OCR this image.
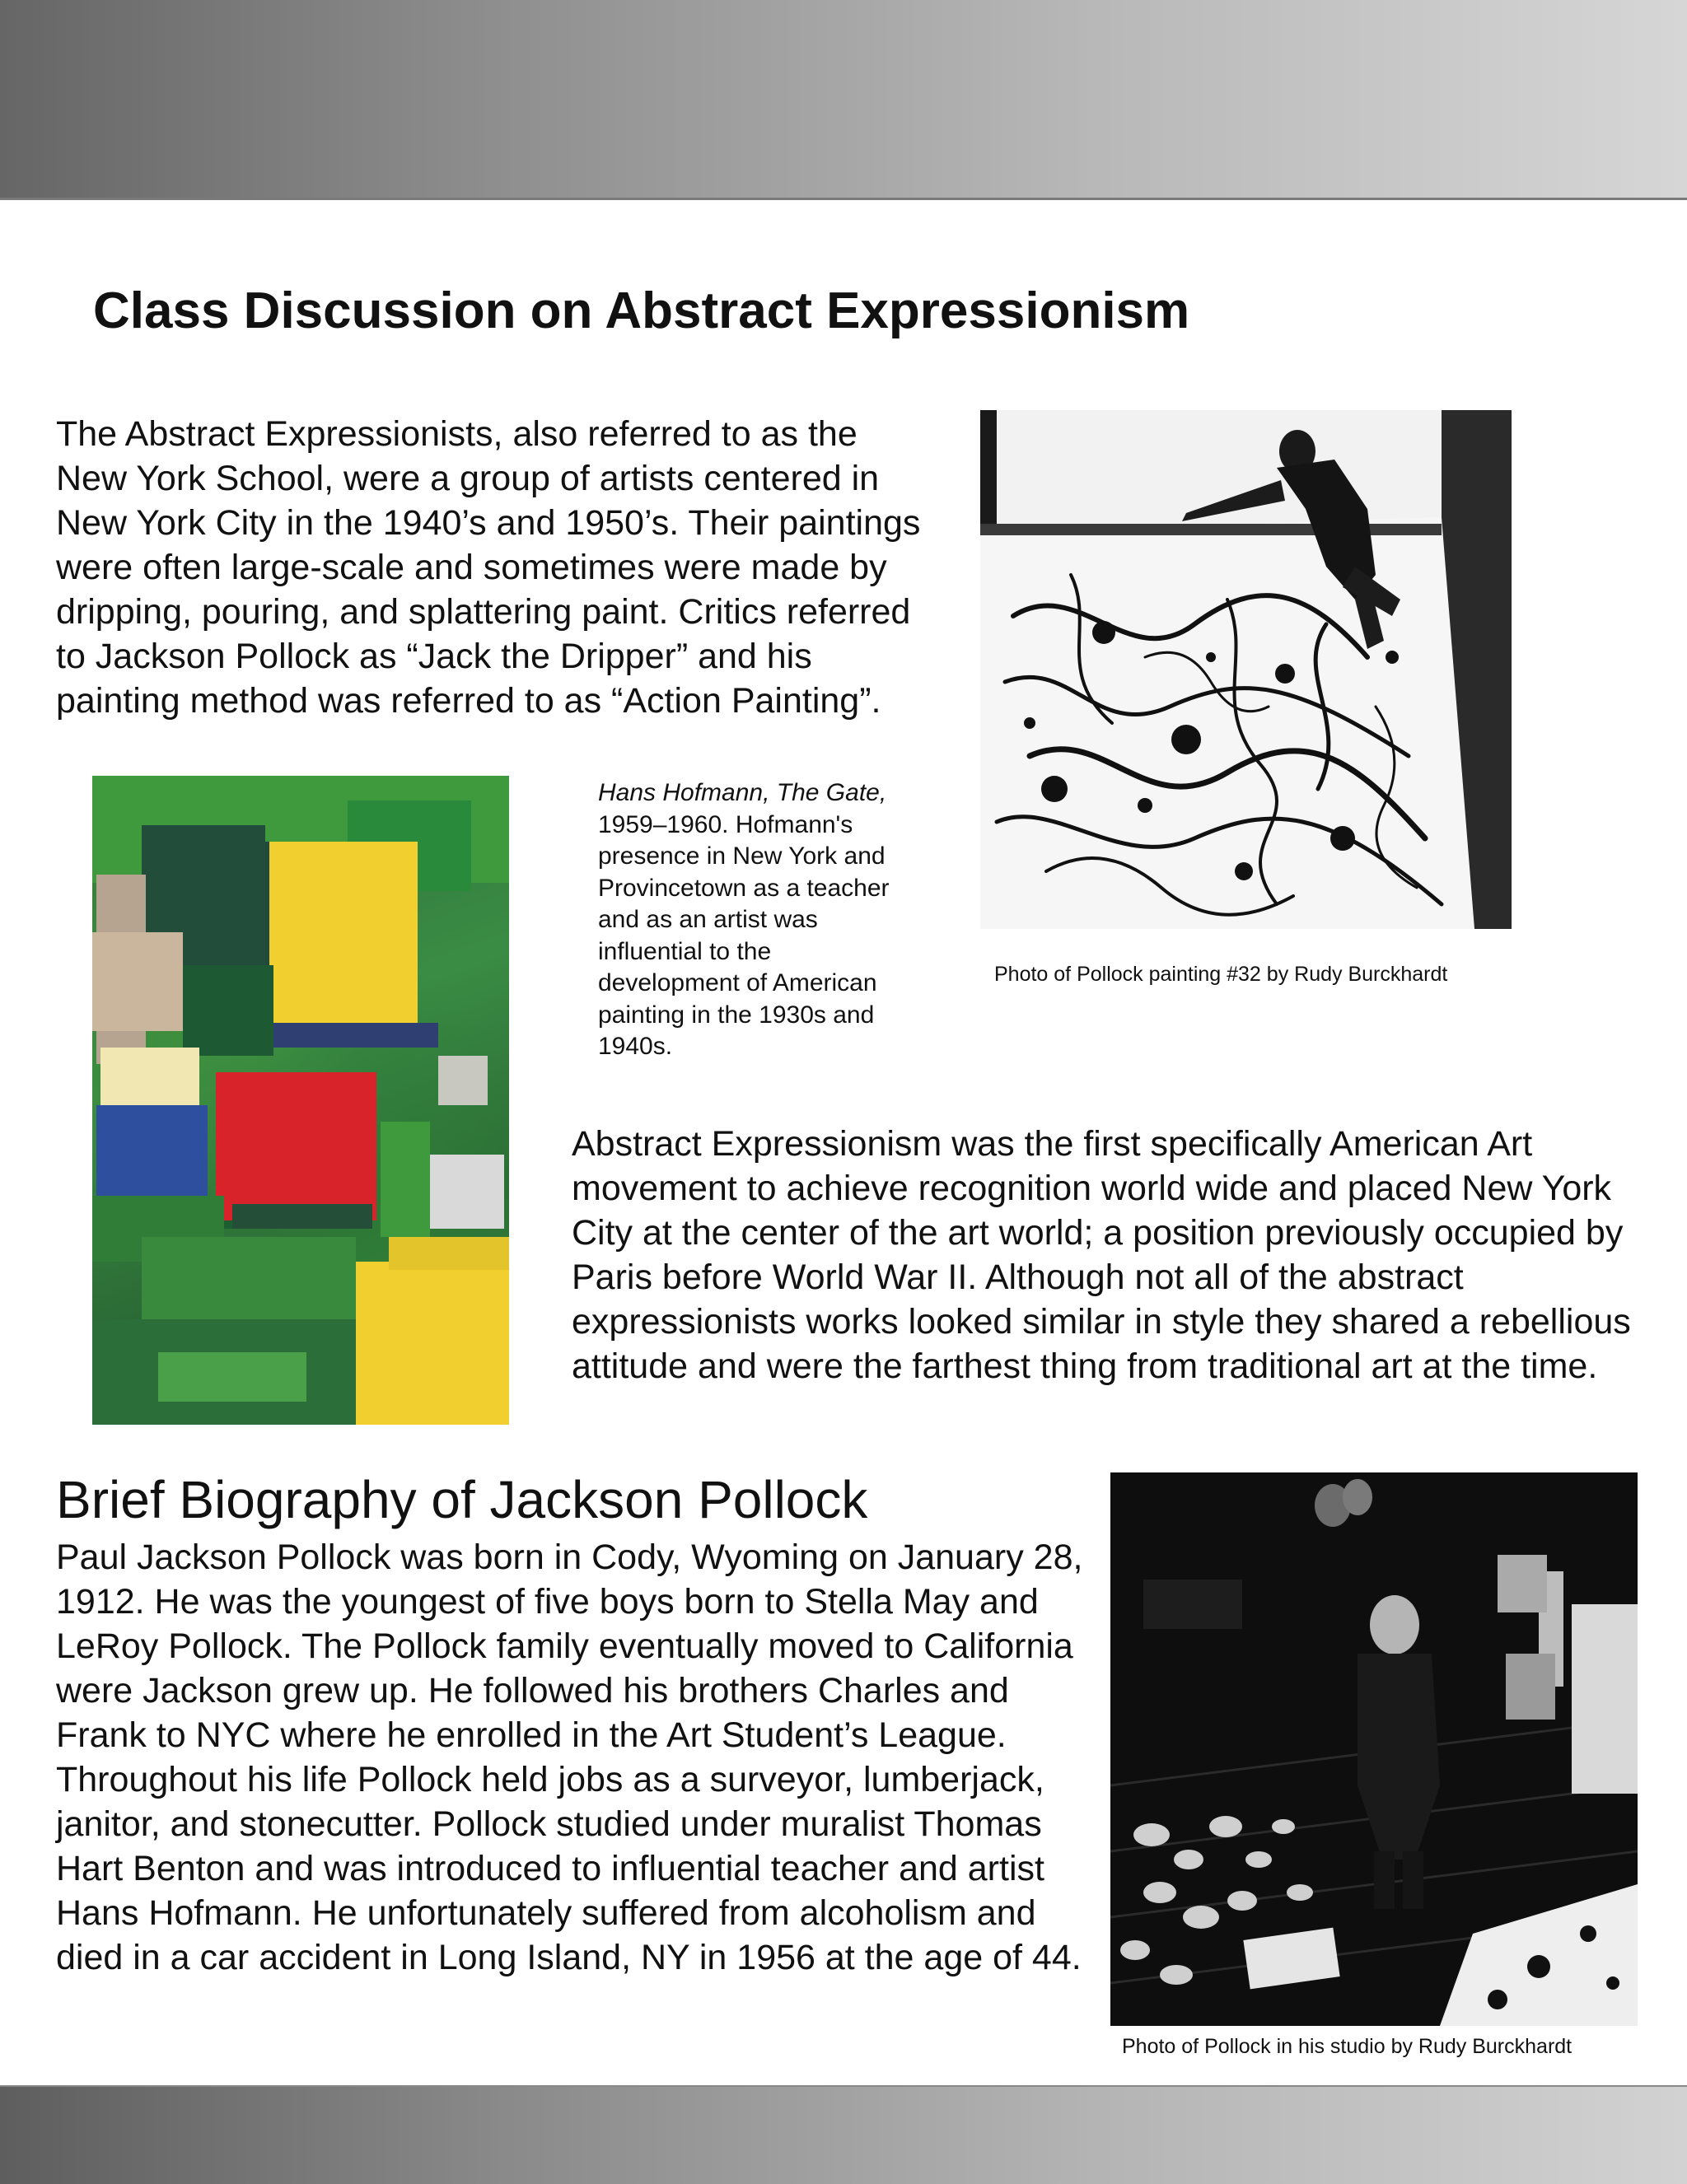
Class Discussion on Abstract Expressionism

The Abstract Expressionists, also referred to as the New York School, were a group of artists centered in New York City in the 1940’s and 1950’s. Their paintings were often large-scale and sometimes were made by dripping, pouring, and splattering paint. Critics referred to Jackson Pollock as “Jack the Dripper” and his painting method was referred to as “Action Painting”.

Hans Hofmann, The Gate, 1959–1960. Hofmann's presence in New York and Provincetown as a teacher and as an artist was influential to the development of American painting in the 1930s and 1940s.

Photo of Pollock painting #32 by Rudy Burckhardt

Abstract Expressionism was the first specifically American Art movement to achieve recognition world wide and placed New York City at the center of the art world; a position previously occupied by Paris before World War II. Although not all of the abstract expressionists works looked similar in style they shared a rebellious attitude and were the farthest thing from traditional art at the time.

Brief Biography of Jackson Pollock

Paul Jackson Pollock was born in Cody, Wyoming on January 28, 1912. He was the youngest of five boys born to Stella May and LeRoy Pollock. The Pollock family eventually moved to California were Jackson grew up. He followed his brothers Charles and Frank to NYC where he enrolled in the Art Student’s League. Throughout his life Pollock held jobs as a surveyor, lumberjack, janitor, and stonecutter. Pollock studied under muralist Thomas Hart Benton and was introduced to influential teacher and artist Hans Hofmann. He unfortunately suffered from alcoholism and died in a car accident in Long Island, NY in 1956 at the age of 44.

Photo of Pollock in his studio by Rudy Burckhardt
